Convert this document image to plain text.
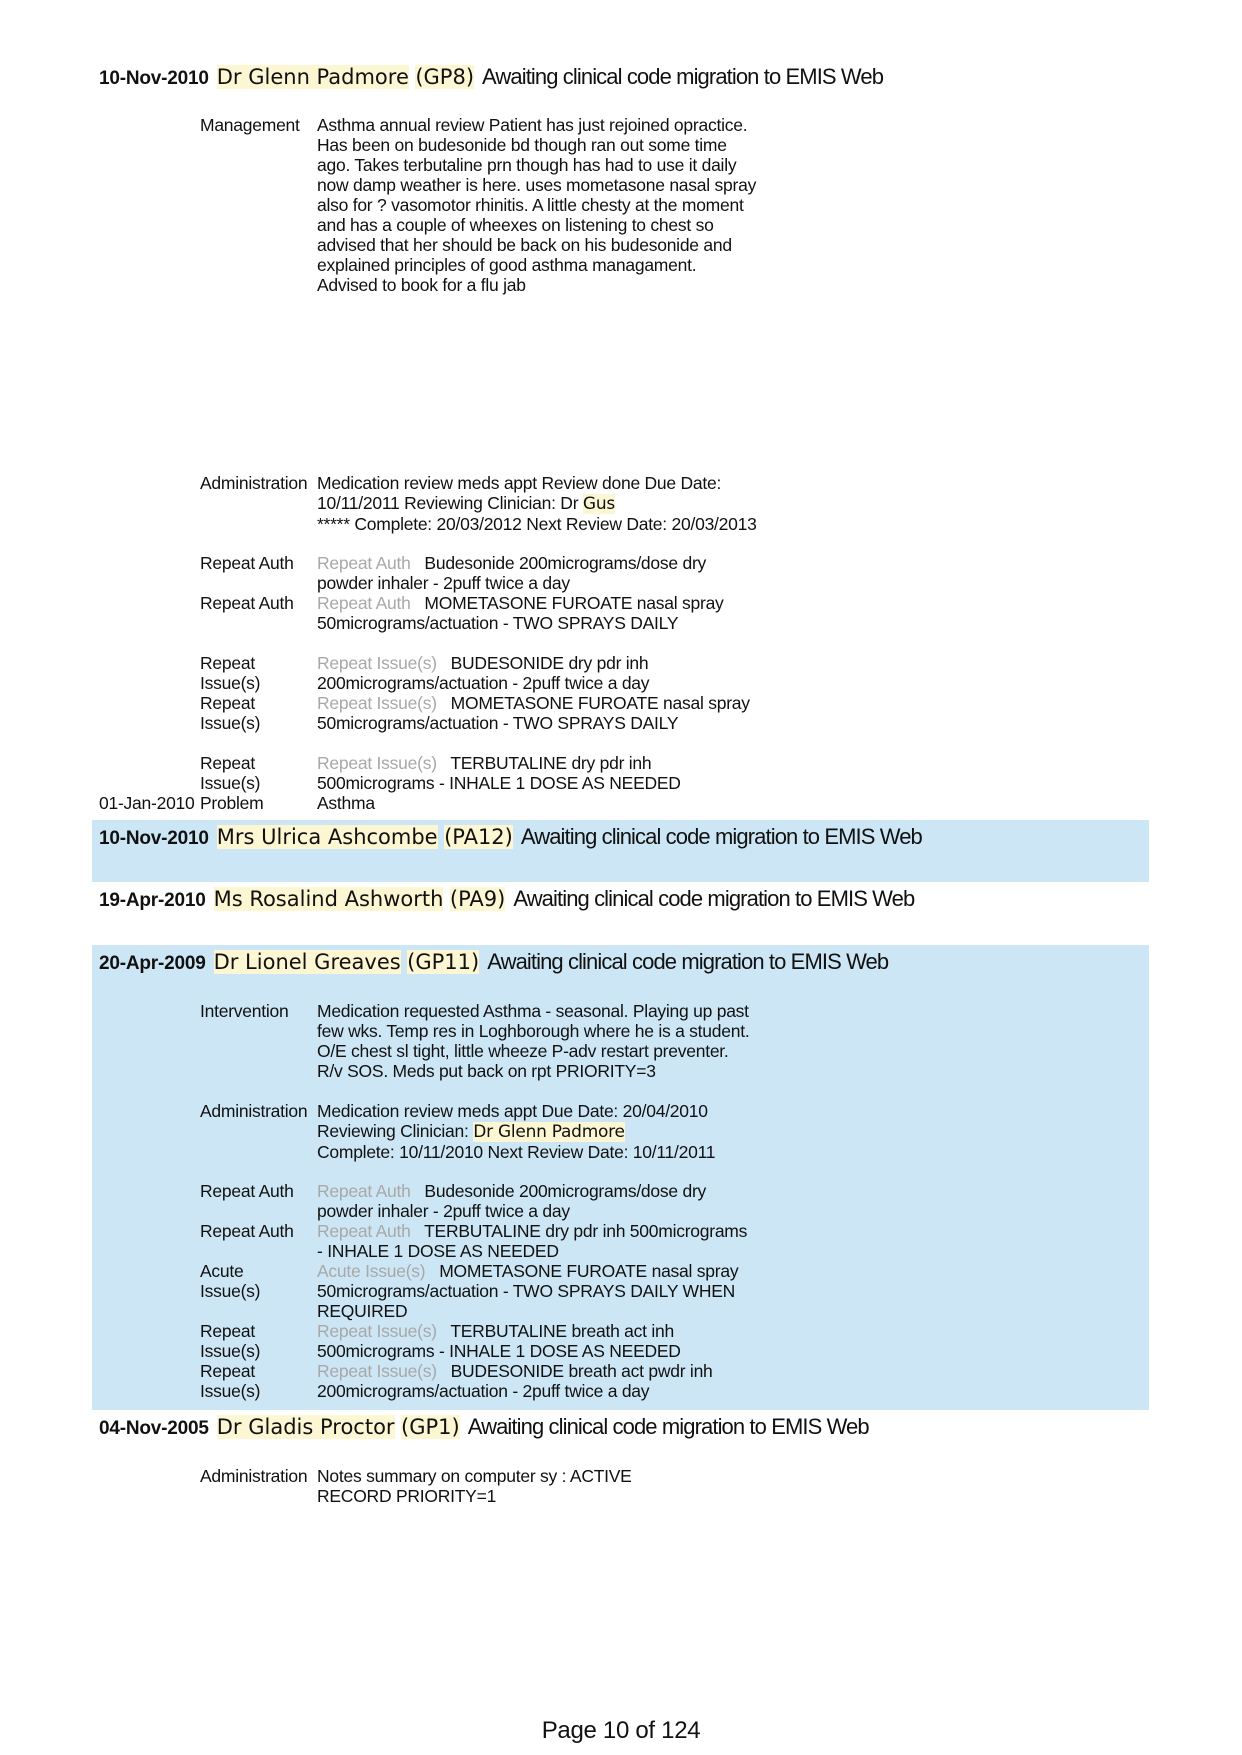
10-Nov-2010 Dr Glenn Padmore (GP8) Awaiting clinical code migration to EMIS Web
Management Asthma annual review Patient has just rejoined opractice. Has been on budesonide bd though ran out some time ago. Takes terbutaline prn though has had to use it daily now damp weather is here. uses mometasone nasal spray also for ? vasomotor rhinitis. A little chesty at the moment and has a couple of wheexes on listening to chest so advised that her should be back on his budesonide and explained principles of good asthma managament. Advised to book for a flu jab
Administration Medication review meds appt Review done Due Date: 10/11/2011 Reviewing Clinician: Dr Gus
***** Complete: 20/03/2012 Next Review Date: 20/03/2013
Repeat Auth Repeat Auth Budesonide 200micrograms/dose dry powder inhaler - 2puff twice a day
Repeat Auth Repeat Auth MOMETASONE FUROATE nasal spray 50micrograms/actuation - TWO SPRAYS DAILY
Repeat Issue(s)
Repeat Issue(s) BUDESONIDE dry pdr inh 200micrograms/actuation - 2puff twice a day
Repeat Issue(s)
Repeat Issue(s) MOMETASONE FUROATE nasal spray 50micrograms/actuation - TWO SPRAYS DAILY
Repeat Issue(s)
Repeat Issue(s) TERBUTALINE dry pdr inh 500micrograms - INHALE 1 DOSE AS NEEDED
01-Jan-2010 Problem	Asthma
10-Nov-2010 Mrs Ulrica Ashcombe (PA12) Awaiting clinical code migration to EMIS Web
19-Apr-2010 Ms Rosalind Ashworth (PA9) Awaiting clinical code migration to EMIS Web
20-Apr-2009 Dr Lionel Greaves (GP11) Awaiting clinical code migration to EMIS Web
Intervention Medication requested Asthma - seasonal. Playing up past few wks. Temp res in Loghborough where he is a student. O/E chest sl tight, little wheeze P-adv restart preventer. R/v SOS. Meds put back on rpt PRIORITY=3
Administration Medication review meds appt Due Date: 20/04/2010 Reviewing Clinician: Dr Glenn Padmore
Complete: 10/11/2010 Next Review Date: 10/11/2011
Repeat Auth Repeat Auth Budesonide 200micrograms/dose dry powder inhaler - 2puff twice a day
Repeat Auth Repeat Auth TERBUTALINE dry pdr inh 500micrograms - INHALE 1 DOSE AS NEEDED
Acute Issue(s)
Acute Issue(s) MOMETASONE FUROATE nasal spray 50micrograms/actuation - TWO SPRAYS DAILY WHEN REQUIRED
Repeat Issue(s)
Repeat Issue(s) TERBUTALINE breath act inh 500micrograms - INHALE 1 DOSE AS NEEDED
Repeat Issue(s)
Repeat Issue(s) BUDESONIDE breath act pwdr inh 200micrograms/actuation - 2puff twice a day
04-Nov-2005 Dr Gladis Proctor (GP1) Awaiting clinical code migration to EMIS Web
Administration Notes summary on computer sy : ACTIVE RECORD PRIORITY=1
Page 10 of 124
